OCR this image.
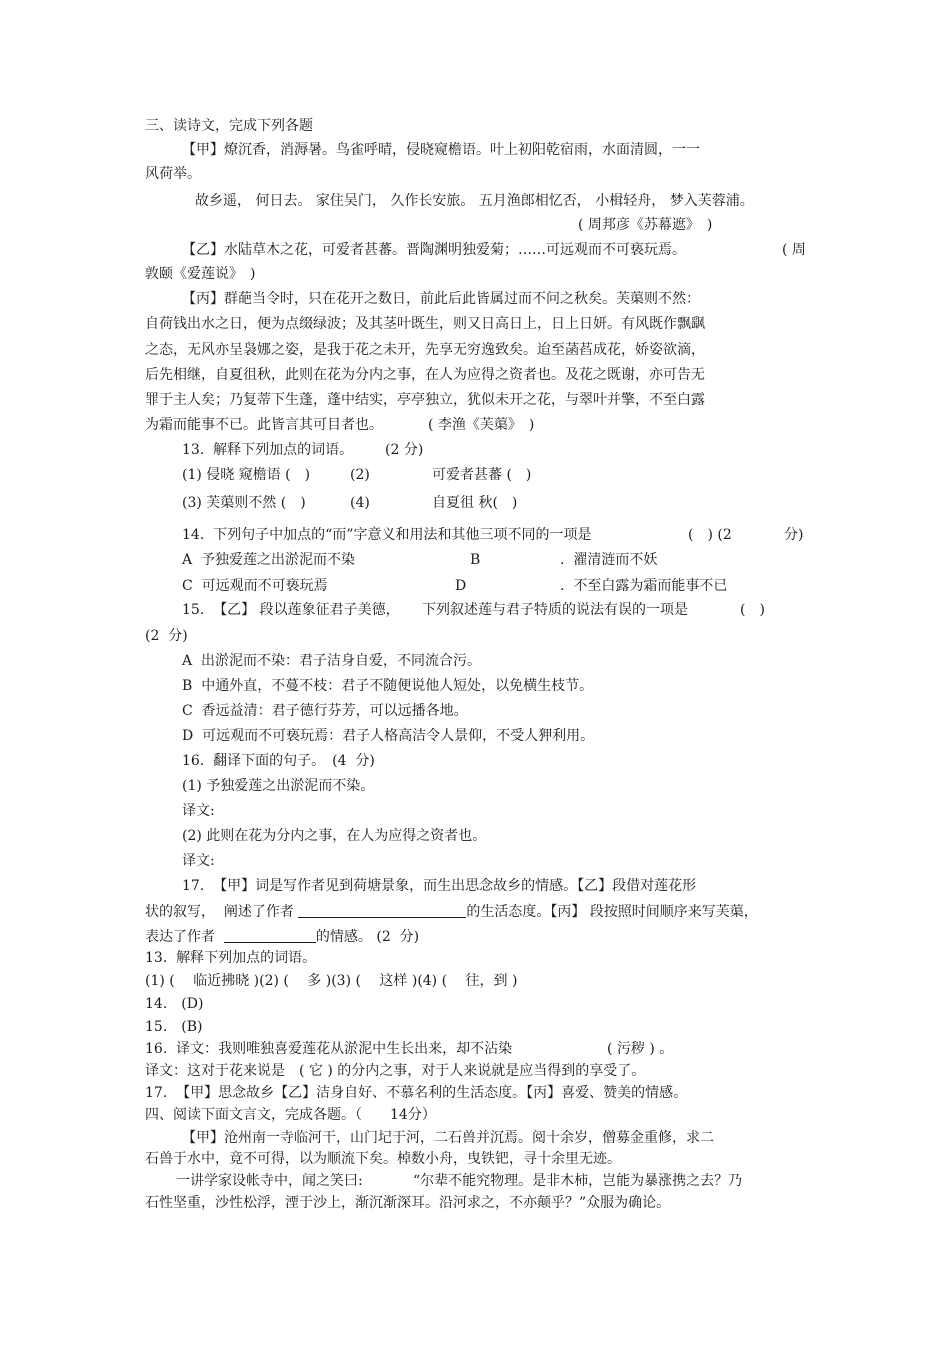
三、读诗文，完成下列各题
【甲】燎沉香，消溽暑。鸟雀呼晴，侵晓窥檐语。叶上初阳乾宿雨，水面清圆，一一
风荷举。
故乡遥， 何日去。 家住吴门， 久作长安旅。 五月渔郎相忆否， 小楫轻舟， 梦入芙蓉浦。
( 周邦彦《苏幕遮》　)
【乙】水陆草木之花，可爱者甚蕃。晋陶渊明独爱菊；……可远观而不可亵玩焉。	( 周
敦颐《爱莲说》　)
【丙】群葩当令时，只在花开之数日，前此后此皆属过而不问之秋矣。芙蕖则不然：
自荷钱出水之日，便为点缀绿波；及其茎叶既生，则又日高日上，日上日妍。有风既作飘飖
之态，无风亦呈袅娜之姿，是我于花之未开，先享无穷逸致矣。迨至菡萏成花，娇姿欲滴，
后先相继，自夏徂秋，此则在花为分内之事，在人为应得之资者也。及花之既谢，亦可告无
罪于主人矣；乃复蒂下生蓬，蓬中结实，亭亭独立，犹似未开之花，与翠叶并擎，不至白露
为霜而能事不已。此皆言其可目者也。	( 李渔《芙蕖》　)
13.  解释下列加点的词语。 (2 分)
(1) 侵晓 窥檐语 (　)	(2)	可爱者甚蕃 (　)
(3) 芙蕖则不然 (　)	(4)	自夏徂 秋(　)
14.  下列句子中加点的“而”字意义和用法和其他三项不同的一项是	(　) (2	分)
A  予独爱莲之出淤泥而不染	B	.  濯清涟而不妖
C  可远观而不可亵玩焉	D	.  不至白露为霜而能事不已
15.  【乙】 段以莲象征君子美德， 下列叙述莲与君子特质的说法有误的一项是	(　)
(2  分)
A  出淤泥而不染：君子洁身自爱，不同流合污。
B  中通外直，不蔓不枝：君子不随便说他人短处，以免横生枝节。
C  香远益清：君子德行芬芳，可以远播各地。
D  可远观而不可亵玩焉：君子人格高洁令人景仰，不受人狎利用。
16.  翻译下面的句子。　(4  分)
(1) 予独爱莲之出淤泥而不染。
译文:
(2) 此则在花为分内之事，在人为应得之资者也。
译文:
17.  【甲】词是写作者见到荷塘景象，而生出思念故乡的情感。【乙】段借对莲花形
状的叙写，  阐述了作者	的生活态度。【丙】 段按照时间顺序来写芙蕖，
表达了作者	的情感。 (2  分)
13.  解释下列加点的词语。
(1) (　 临近拂晓 )(2) (　 多 )(3) (　 这样 )(4) (　 往，到 )
14.　(D)
15.　(B)
16.  译文：我则唯独喜爱莲花从淤泥中生长出来，却不沾染	( 污秽 ) 。
译文：这对于花来说是　( 它 ) 的分内之事，对于人来说就是应当得到的享受了。
17.  【甲】思念故乡【乙】洁身自好、不慕名利的生活态度。【丙】喜爱、赞美的情感。
四、阅读下面文言文，完成各题。（　　14分）
【甲】沧州南一寺临河干，山门圮于河，二石兽并沉焉。阅十余岁，僧募金重修，求二
石兽于水中，竟不可得，以为顺流下矣。棹数小舟，曳铁钯，寻十余里无迹。
一讲学家设帐寺中，闻之笑曰:	“尔辈不能究物理。是非木柿，岂能为暴涨携之去？乃
石性坚重，沙性松浮，湮于沙上，渐沉渐深耳。沿河求之，不亦颠乎？”众服为确论。
